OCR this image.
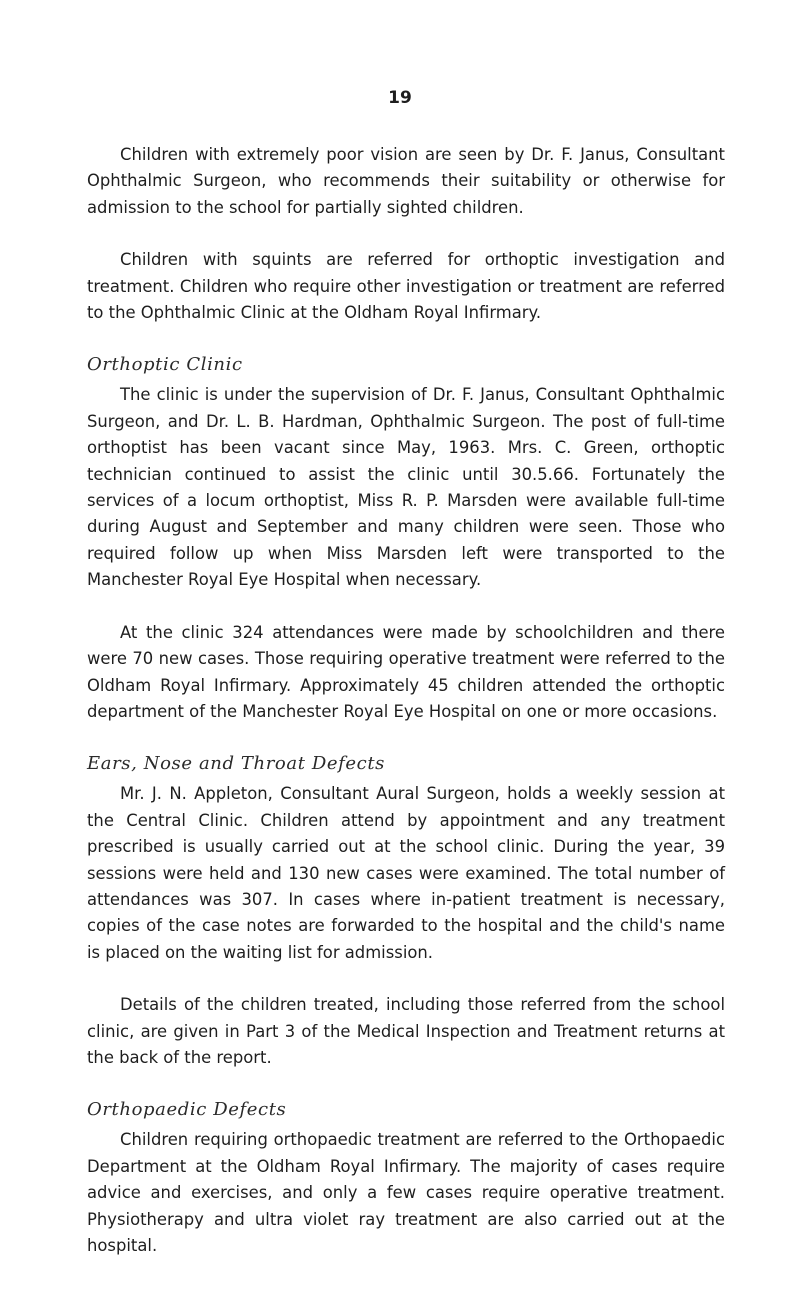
19

Children with extremely poor vision are seen by Dr. F. Janus, Consultant Ophthalmic Surgeon, who recommends their suitability or otherwise for admission to the school for partially sighted children.

Children with squints are referred for orthoptic investigation and treatment. Children who require other investigation or treatment are referred to the Ophthalmic Clinic at the Oldham Royal Infirmary.

Orthoptic Clinic

The clinic is under the supervision of Dr. F. Janus, Consultant Ophthalmic Surgeon, and Dr. L. B. Hardman, Ophthalmic Surgeon. The post of full-time orthoptist has been vacant since May, 1963. Mrs. C. Green, orthoptic technician continued to assist the clinic until 30.5.66. Fortunately the services of a locum orthoptist, Miss R. P. Marsden were available full-time during August and September and many children were seen. Those who required follow up when Miss Marsden left were transported to the Manchester Royal Eye Hospital when necessary.

At the clinic 324 attendances were made by schoolchildren and there were 70 new cases. Those requiring operative treatment were referred to the Oldham Royal Infirmary. Approximately 45 children attended the orthoptic department of the Manchester Royal Eye Hospital on one or more occasions.

Ears, Nose and Throat Defects

Mr. J. N. Appleton, Consultant Aural Surgeon, holds a weekly session at the Central Clinic. Children attend by appointment and any treatment prescribed is usually carried out at the school clinic. During the year, 39 sessions were held and 130 new cases were examined. The total number of attendances was 307. In cases where in-patient treatment is necessary, copies of the case notes are forwarded to the hospital and the child's name is placed on the waiting list for admission.

Details of the children treated, including those referred from the school clinic, are given in Part 3 of the Medical Inspection and Treatment returns at the back of the report.

Orthopaedic Defects

Children requiring orthopaedic treatment are referred to the Orthopaedic Department at the Oldham Royal Infirmary. The majority of cases require advice and exercises, and only a few cases require operative treatment. Physiotherapy and ultra violet ray treatment are also carried out at the hospital.
